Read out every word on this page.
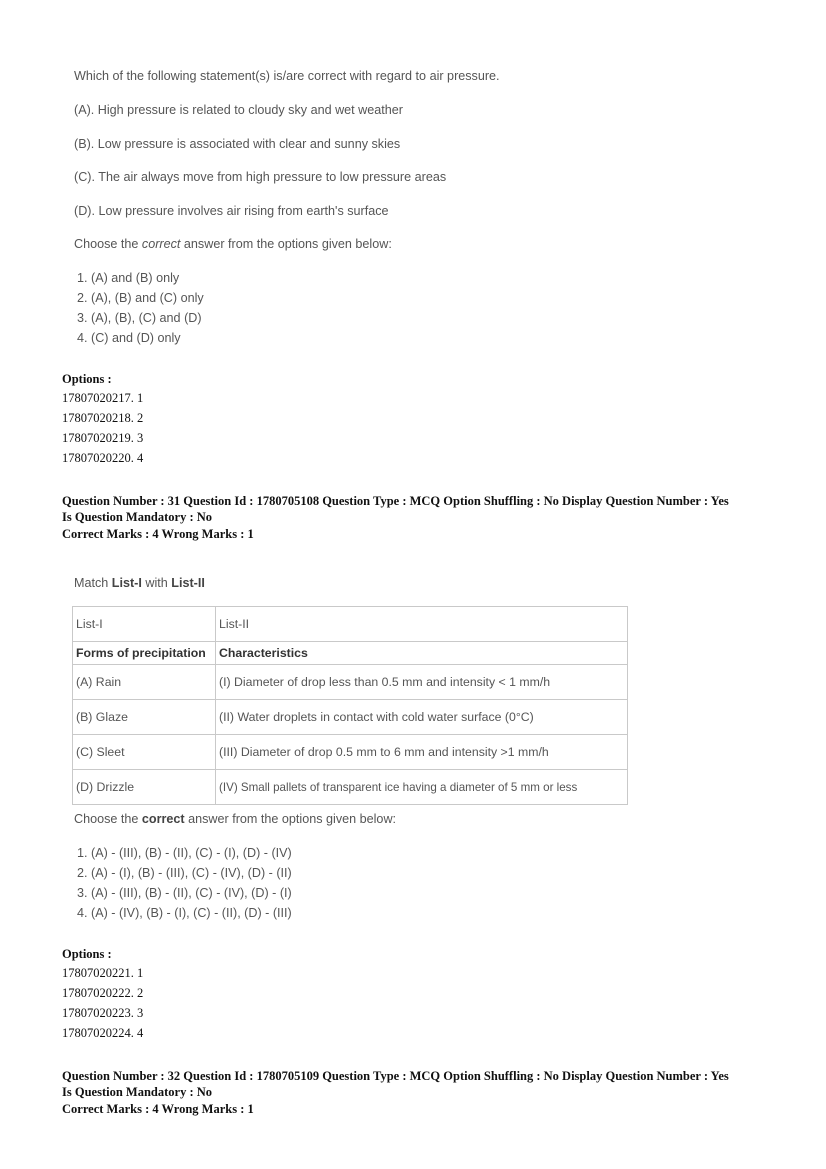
Which of the following statement(s) is/are correct with regard to air pressure.
(A). High pressure is related to cloudy sky and wet weather
(B). Low pressure is associated with clear and sunny skies
(C). The air always move from high pressure to low pressure areas
(D). Low pressure involves air rising from earth's surface
Choose the correct answer from the options given below:
1. (A) and (B) only
2. (A), (B) and (C) only
3. (A), (B), (C) and (D)
4. (C) and (D) only
Options :
17807020217. 1
17807020218. 2
17807020219. 3
17807020220. 4
Question Number : 31 Question Id : 1780705108 Question Type : MCQ Option Shuffling : No Display Question Number : Yes
Is Question Mandatory : No
Correct Marks : 4 Wrong Marks : 1
Match List-I with List-II
List-I	List-II
Forms of precipitation	Characteristics
(A) Rain	(I) Diameter of drop less than 0.5 mm and intensity < 1 mm/h
(B) Glaze	(II) Water droplets in contact with cold water surface (0°C)
(C) Sleet	(III) Diameter of drop 0.5 mm to 6 mm and intensity >1 mm/h
(D) Drizzle	(IV) Small pallets of transparent ice having a diameter of 5 mm or less
Choose the correct answer from the options given below:
1. (A) - (III), (B) - (II), (C) - (I), (D) - (IV)
2. (A) - (I), (B) - (III), (C) - (IV), (D) - (II)
3. (A) - (III), (B) - (II), (C) - (IV), (D) - (I)
4. (A) - (IV), (B) - (I), (C) - (II), (D) - (III)
Options :
17807020221. 1
17807020222. 2
17807020223. 3
17807020224. 4
Question Number : 32 Question Id : 1780705109 Question Type : MCQ Option Shuffling : No Display Question Number : Yes
Is Question Mandatory : No
Correct Marks : 4 Wrong Marks : 1
